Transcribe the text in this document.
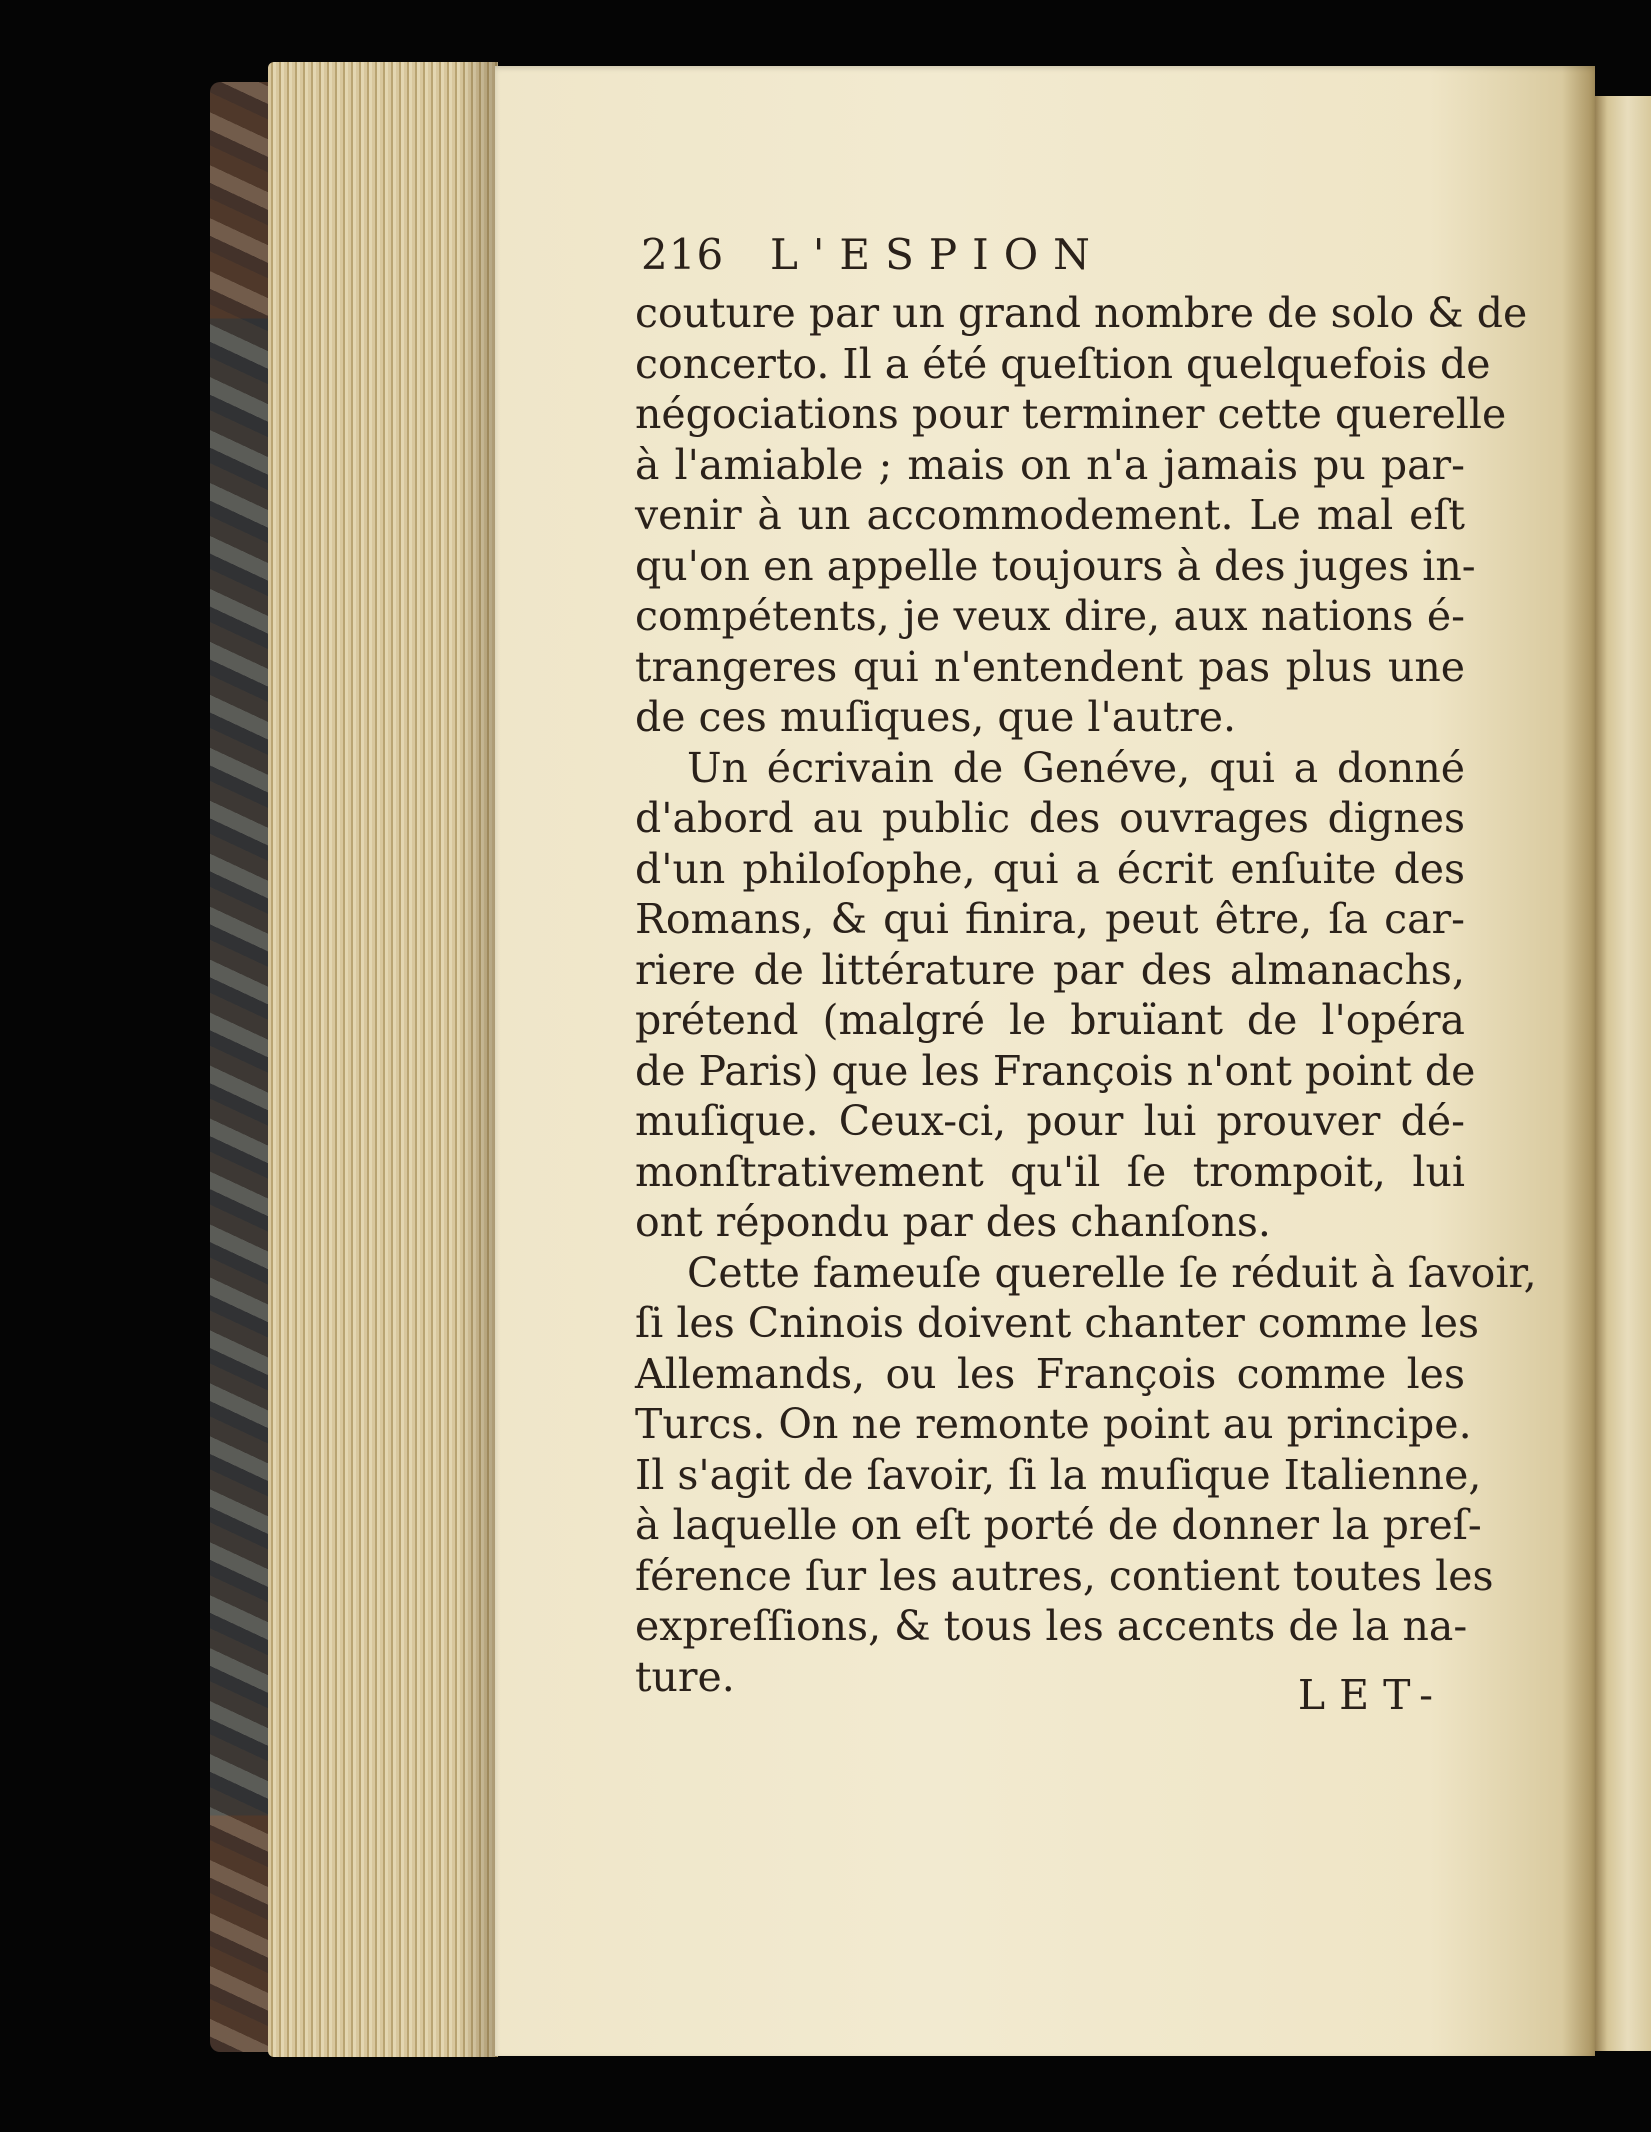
216 L'ESPION
couture par un grand nombre de solo & de
concerto. Il a été queſtion quelquefois de
négociations pour terminer cette querelle
à l'amiable ; mais on n'a jamais pu par-
venir à un accommodement. Le mal eſt
qu'on en appelle toujours à des juges in-
compétents, je veux dire, aux nations é-
trangeres qui n'entendent pas plus une
de ces muſiques, que l'autre.
Un écrivain de Genéve, qui a donné
d'abord au public des ouvrages dignes
d'un philoſophe, qui a écrit enſuite des
Romans, & qui finira, peut être, ſa car-
riere de littérature par des almanachs,
prétend (malgré le bruïant de l'opéra
de Paris) que les François n'ont point de
muſique. Ceux-ci, pour lui prouver dé-
monſtrativement qu'il ſe trompoit, lui
ont répondu par des chanſons.
Cette fameuſe querelle ſe réduit à ſavoir,
ſi les Cninois doivent chanter comme les
Allemands, ou les François comme les
Turcs. On ne remonte point au principe.
Il s'agit de ſavoir, ſi la muſique Italienne,
à laquelle on eſt porté de donner la preſ-
férence ſur les autres, contient toutes les
expreſſions, & tous les accents de la na-
ture.	LET-
